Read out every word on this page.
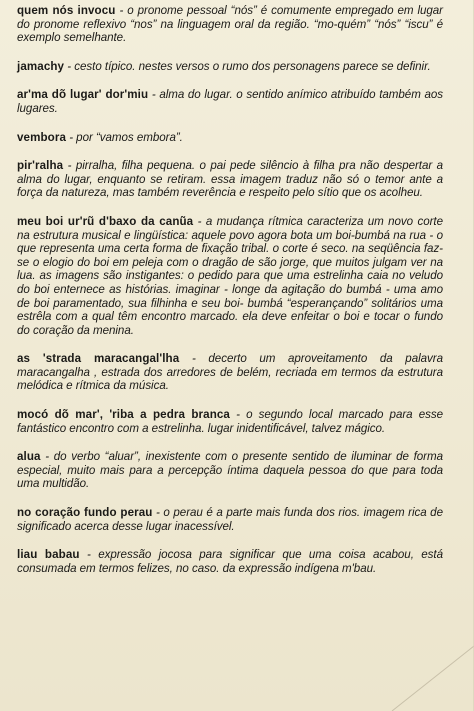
quem nós invocu - o pronome pessoal “nós” é comumente empregado em lugar do pronome reflexivo “nos” na linguagem oral da região. “mo-quém” “nós” “iscu” é exemplo semelhante.

jamachy - cesto típico. nestes versos o rumo dos personagens parece se definir.

ar'ma dõ lugar' dor'miu - alma do lugar. o sentido anímico atribuído também aos lugares.

vembora - por “vamos embora”.

pir'ralha - pirralha, filha pequena. o pai pede silêncio à filha pra não despertar a alma do lugar, enquanto se retiram. essa imagem traduz não só o temor ante a força da natureza, mas também reverência e respeito pelo sítio que os acolheu.

meu boi ur'rũ d'baxo da canũa - a mudança rítmica caracteriza um novo corte na estrutura musical e lingüística: aquele povo agora bota um boi-bumbá na rua - o que representa uma certa forma de fixação tribal. o corte é seco. na seqüência faz-se o elogio do boi em peleja com o dragão de são jorge, que muitos julgam ver na lua. as imagens são instigantes: o pedido para que uma estrelinha caia no veludo do boi enternece as histórias. imaginar - longe da agitação do bumbá - uma amo de boi paramentado, sua filhinha e seu boi- bumbá “esperançando” solitários uma estrêla com a qual têm encontro marcado. ela deve enfeitar o boi e tocar o fundo do coração da menina.

as 'strada maracangal'lha - decerto um aproveitamento da palavra maracangalha , estrada dos arredores de belém, recriada em termos da estrutura melódica e rítmica da música.

mocó dõ mar', 'riba a pedra branca - o segundo local marcado para esse fantástico encontro com a estrelinha. lugar inidentificável, talvez mágico.

alua - do verbo “aluar”, inexistente com o presente sentido de iluminar de forma especial, muito mais para a percepção íntima daquela pessoa do que para toda uma multidão.

no coração fundo perau - o perau é a parte mais funda dos rios. imagem rica de significado acerca desse lugar inacessível.

liau babau - expressão jocosa para significar que uma coisa acabou, está consumada em termos felizes, no caso. da expressão indígena m'bau.
